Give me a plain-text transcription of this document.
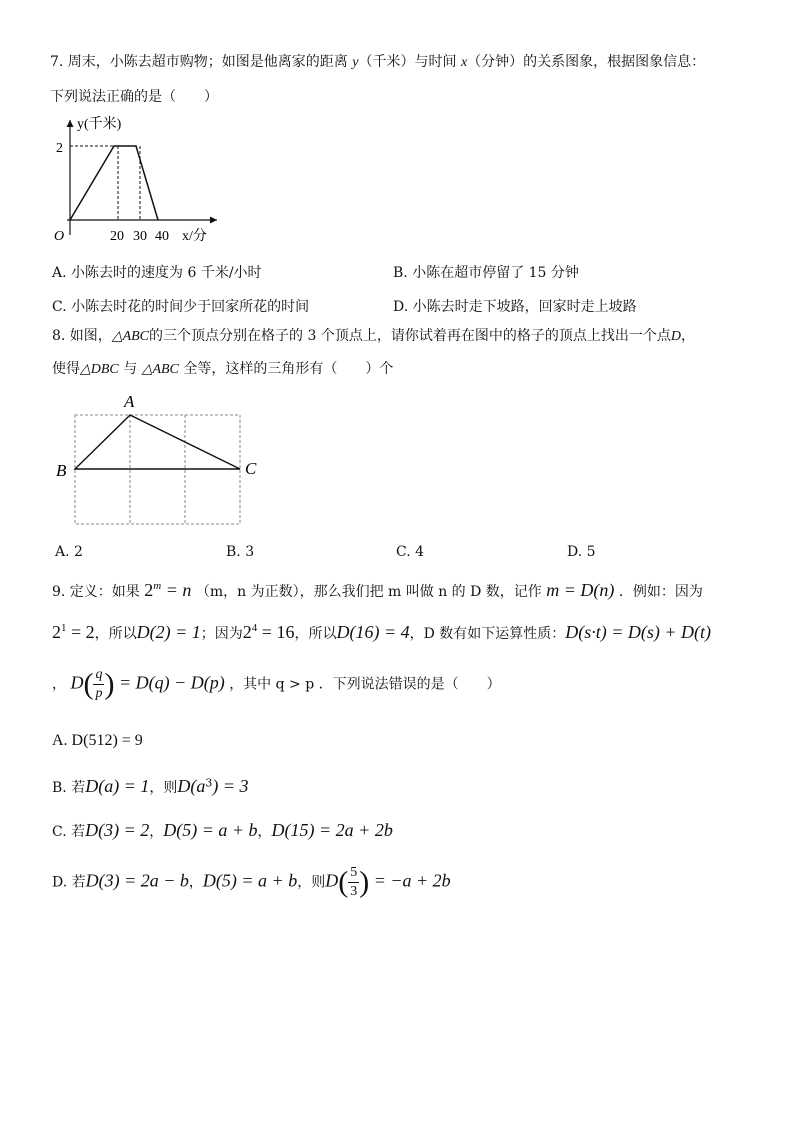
7. 周末，小陈去超市购物；如图是他离家的距离 y（千米）与时间 x（分钟）的关系图象，根据图象信息：
下列说法正确的是（　　）
y(千米)
x/分
O
2
20 30 40
A. 小陈去时的速度为 6 千米/小时	B. 小陈在超市停留了 15 分钟
C. 小陈去时花的时间少于回家所花的时间	D. 小陈去时走下坡路，回家时走上坡路
8. 如图，△ABC的三个顶点分别在格子的 3 个顶点上，请你试着再在图中的格子的顶点上找出一个点D，
使得△DBC 与 △ABC 全等，这样的三角形有（　　）个
A
B	C
A. 2	B. 3	C. 4	D. 5
9. 定义：如果 $2^m = n$ （m，n 为正数），那么我们把 m 叫做 n 的 D 数，记作 m = D(n) ．例如：因为
$2^1 = 2$，所以D(2) = 1；因为$2^4 = 16$，所以D(16) = 4，D 数有如下运算性质：D(s·t) = D(s) + D(t)
， $D( \frac{q}{p}$ ) = D(q) − D(p) ，其中 q > p ．下列说法错误的是（　　）
A. D(512) = 9
B. 若D(a) = 1，则$D(a^3) = 3$
C. 若D(3) = 2，D(5) = a + b，D(15) = 2a + 2b
D. 若D(3) = 2a − b，D(5) = a + b，则$D( \frac{5}{3}$ ) = −a + 2b
